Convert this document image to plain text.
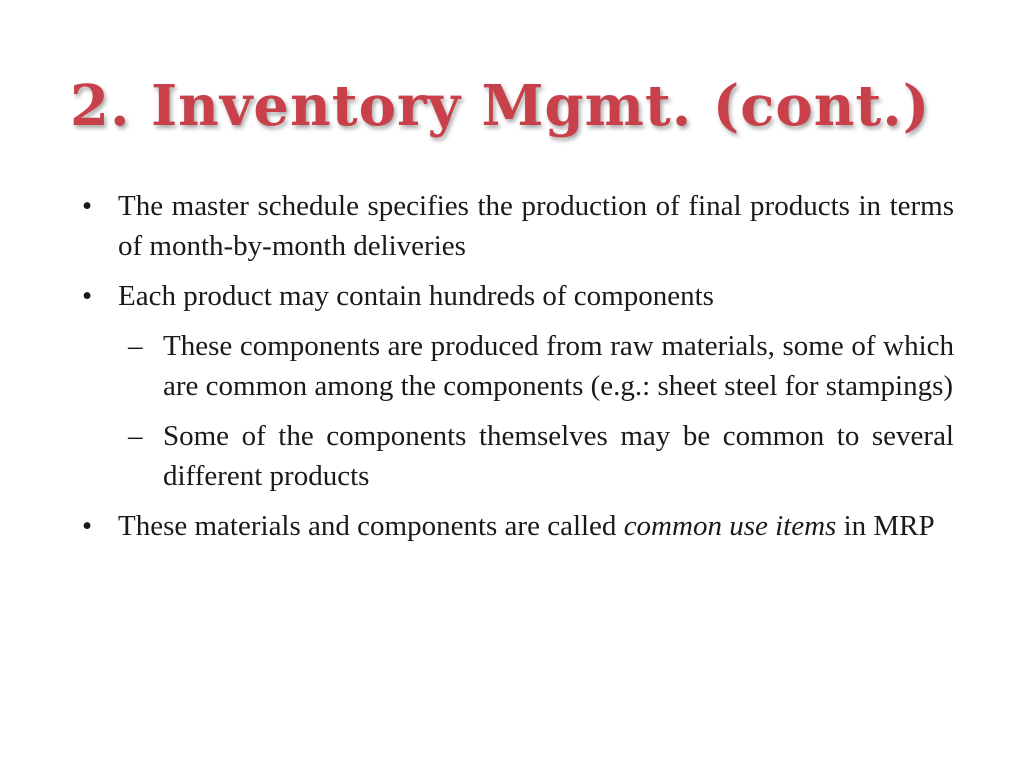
2. Inventory Mgmt. (cont.)
• The master schedule specifies the production of final products in terms of month-by-month deliveries
• Each product may contain hundreds of components
– These components are produced from raw materials, some of which are common among the components (e.g.: sheet steel for stampings)
– Some of the components themselves may be common to several different products
• These materials and components are called common use items in MRP
